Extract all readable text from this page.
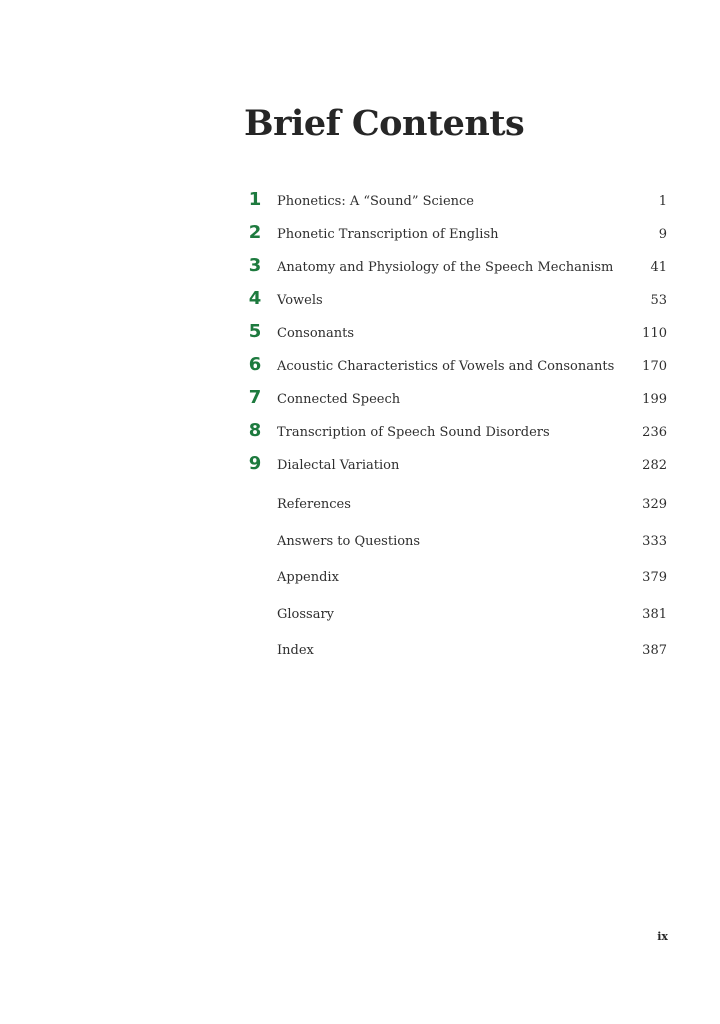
Brief Contents
1	Phonetics: A “Sound” Science	1
2	Phonetic Transcription of English	9
3	Anatomy and Physiology of the Speech Mechanism	41
4	Vowels	53
5	Consonants	110
6	Acoustic Characteristics of Vowels and Consonants 170
7	Connected Speech	199
8	Transcription of Speech Sound Disorders	236
9	Dialectal Variation	282
References	329
Answers to Questions	333
Appendix	379
Glossary	381
Index	387
ix
